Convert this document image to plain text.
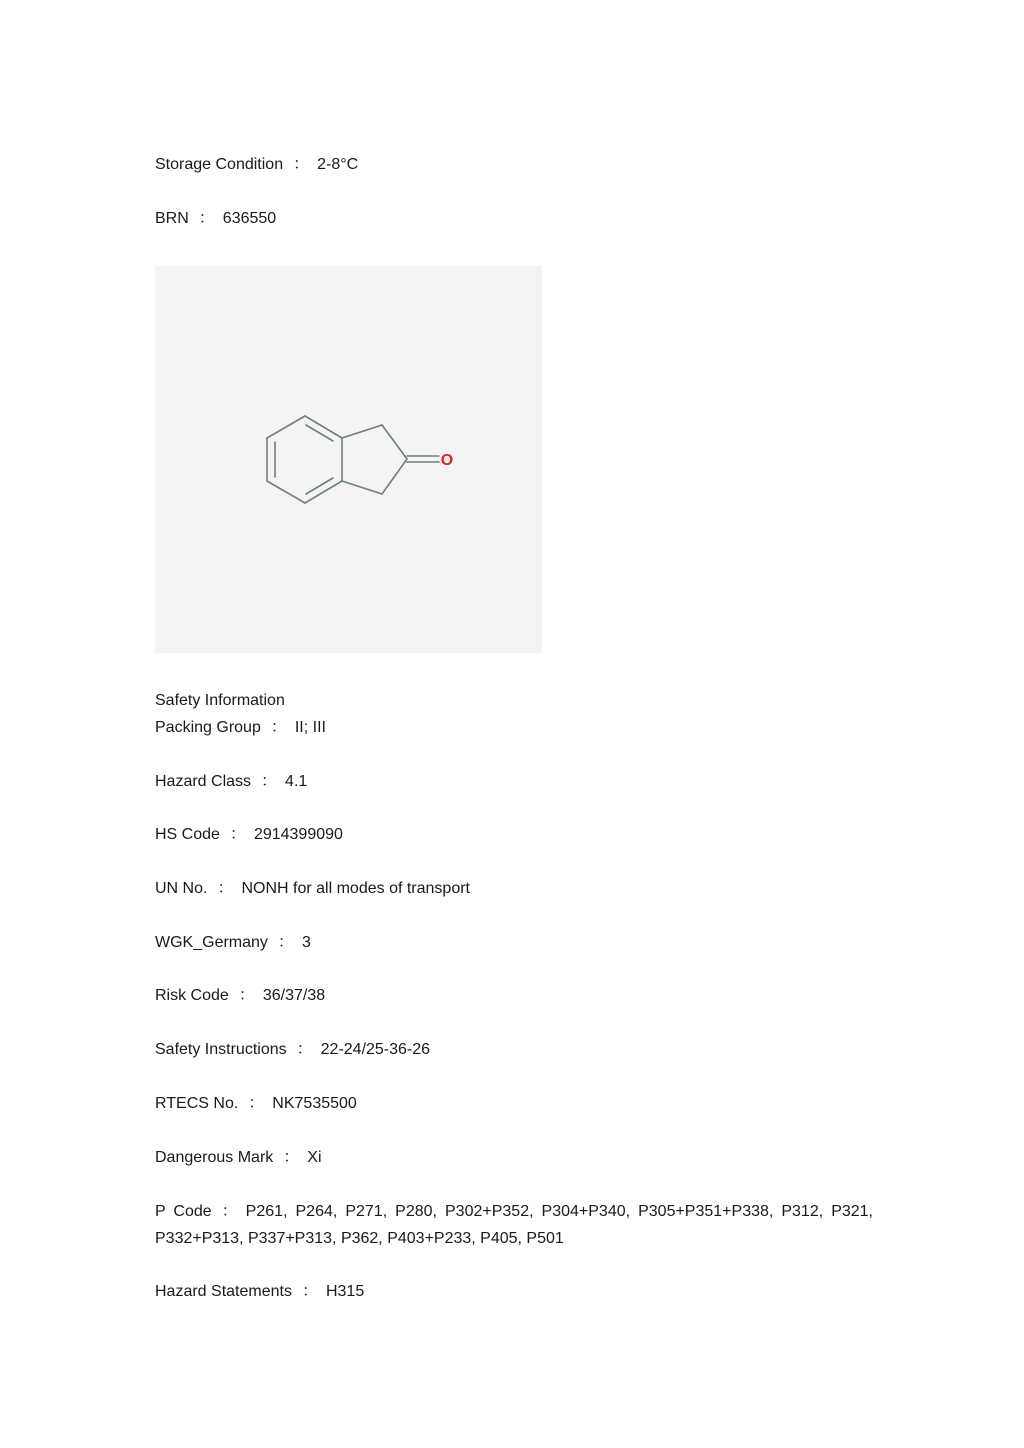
Storage Condition ： 2-8°C
BRN ： 636550
O
Safety Information
Packing Group ： II; III
Hazard Class ： 4.1
HS Code ： 2914399090
UN No. ： NONH for all modes of transport
WGK_Germany ： 3
Risk Code ： 36/37/38
Safety Instructions ： 22-24/25-36-26
RTECS No. ： NK7535500
Dangerous Mark ： Xi
P Code ： P261, P264, P271, P280, P302+P352, P304+P340, P305+P351+P338, P312, P321,
P332+P313, P337+P313, P362, P403+P233, P405, P501
Hazard Statements ： H315
